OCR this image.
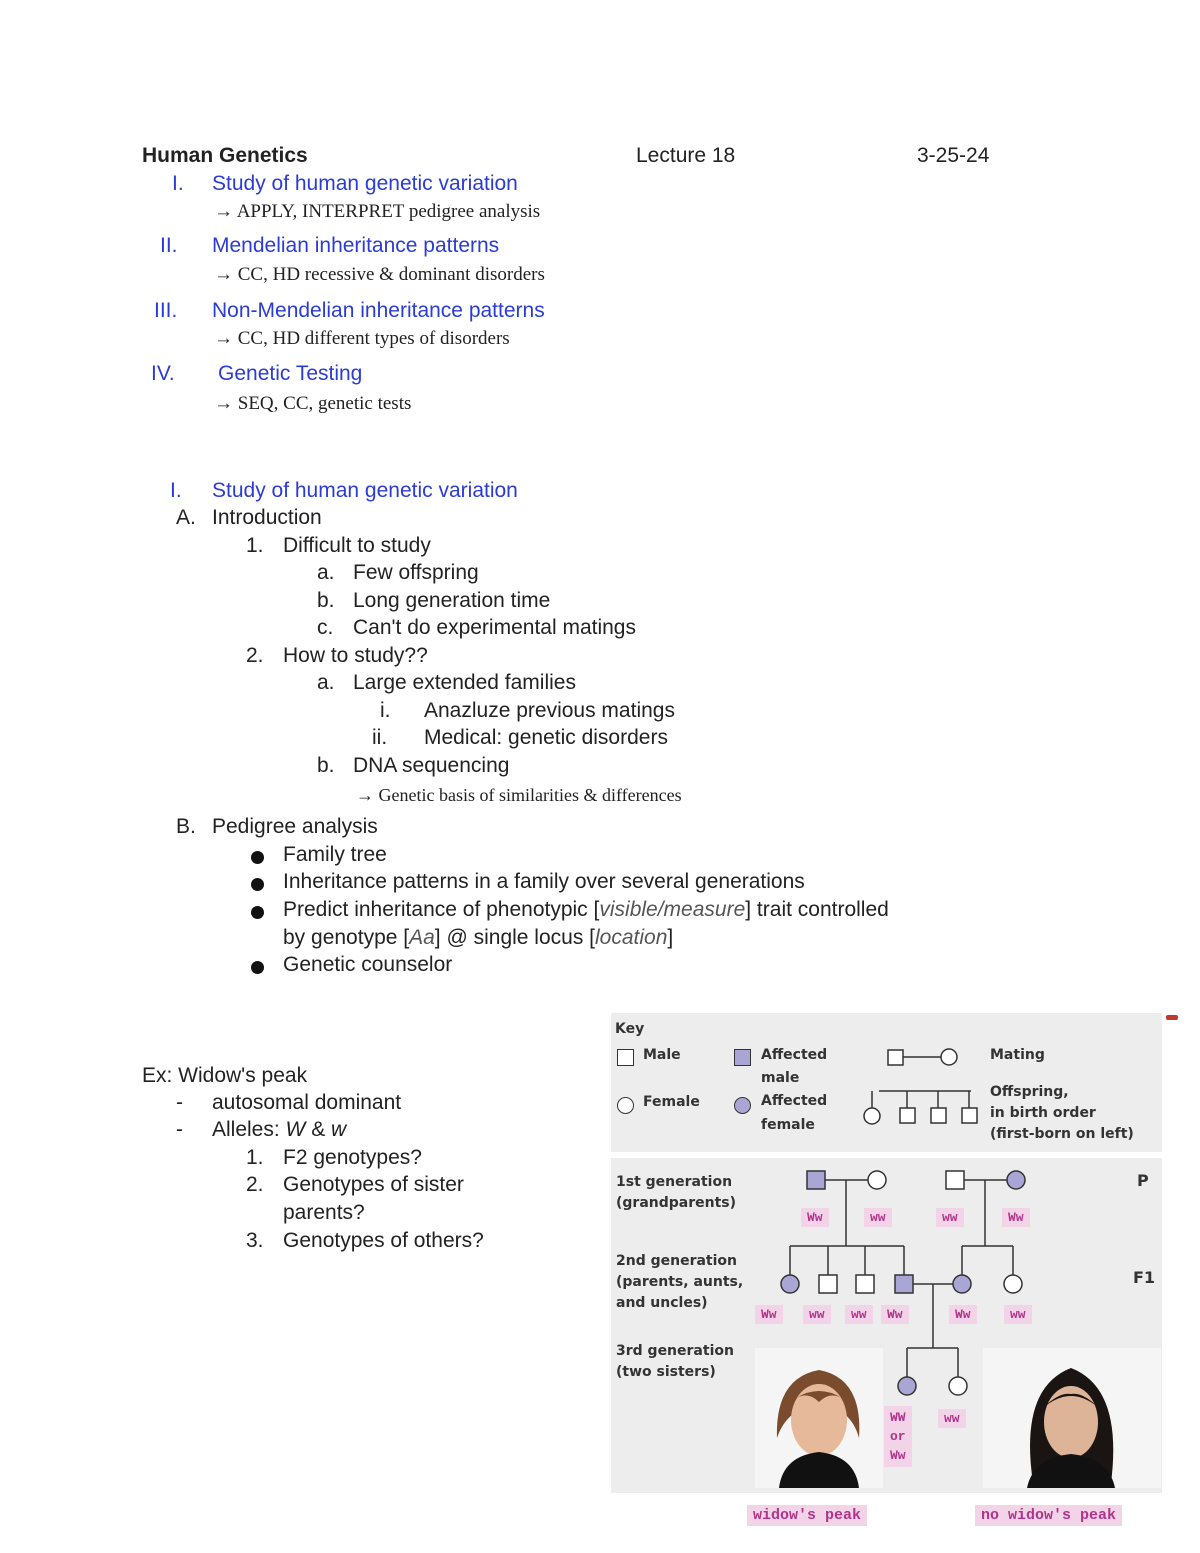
Human Genetics	Lecture 18	3-25-24
I. Study of human genetic variation
→ APPLY, INTERPRET pedigree analysis
II. Mendelian inheritance patterns
→ CC, HD recessive & dominant disorders
III. Non-Mendelian inheritance patterns
→ CC, HD different types of disorders
IV. Genetic Testing
→ SEQ, CC, genetic tests
I. Study of human genetic variation
A. Introduction
1. Difficult to study
a. Few offspring
b. Long generation time
c. Can't do experimental matings
2. How to study??
a. Large extended families
i. Anazluze previous matings
ii. Medical: genetic disorders
b. DNA sequencing
→ Genetic basis of similarities & differences
B. Pedigree analysis
Family tree
Inheritance patterns in a family over several generations
Predict inheritance of phenotypic [visible/measure] trait controlled
by genotype [Aa] @ single locus [location]
Genetic counselor
Ex: Widow's peak
- autosomal dominant
- Alleles: W & w
1. F2 genotypes?
2. Genotypes of sister
parents?
3. Genotypes of others?
Key
Male
Female
Affected
male
Affected
female
Mating
Offspring,
in birth order
(first-born on left)
1st generation
(grandparents)
2nd generation
(parents, aunts,
and uncles)
3rd generation
(two sisters)
P
F1
Ww	ww	ww	Ww
Ww	ww	ww	Ww	Ww	ww
WW
or
Ww
ww
widow's peak	no widow's peak
